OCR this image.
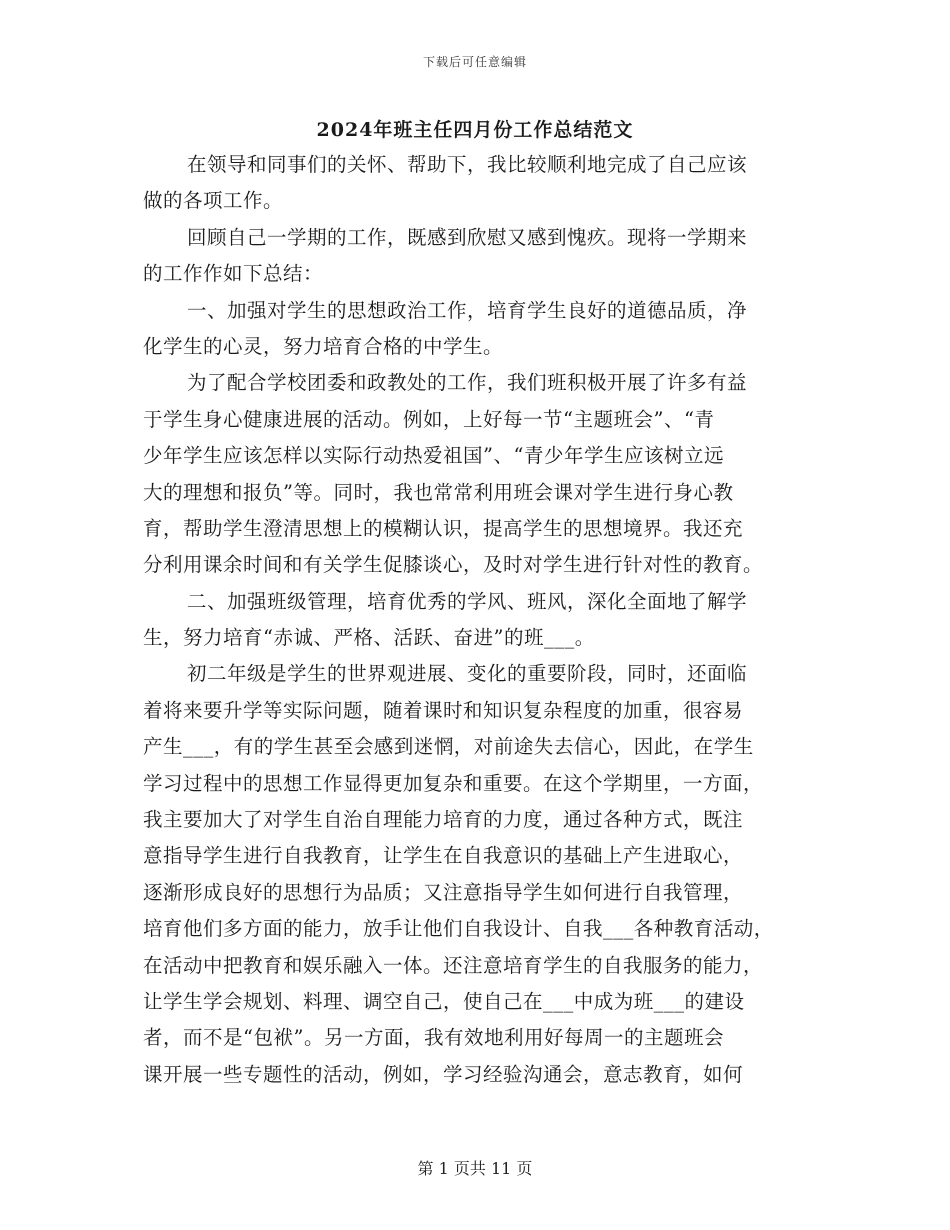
下载后可任意编辑
2024年班主任四月份工作总结范文
在领导和同事们的关怀、帮助下，我比较顺利地完成了自己应该
做的各项工作。
回顾自己一学期的工作，既感到欣慰又感到愧疚。现将一学期来
的工作作如下总结：
一、加强对学生的思想政治工作，培育学生良好的道德品质，净
化学生的心灵，努力培育合格的中学生。
为了配合学校团委和政教处的工作，我们班积极开展了许多有益
于学生身心健康进展的活动。例如，上好每一节“主题班会”、“青
少年学生应该怎样以实际行动热爱祖国”、“青少年学生应该树立远
大的理想和报负”等。同时，我也常常利用班会课对学生进行身心教
育，帮助学生澄清思想上的模糊认识，提高学生的思想境界。我还充
分利用课余时间和有关学生促膝谈心，及时对学生进行针对性的教育。
二、加强班级管理，培育优秀的学风、班风，深化全面地了解学
生，努力培育“赤诚、严格、活跃、奋进”的班___。
初二年级是学生的世界观进展、变化的重要阶段，同时，还面临
着将来要升学等实际问题，随着课时和知识复杂程度的加重，很容易
产生___，有的学生甚至会感到迷惘，对前途失去信心，因此，在学生
学习过程中的思想工作显得更加复杂和重要。在这个学期里，一方面，
我主要加大了对学生自治自理能力培育的力度，通过各种方式，既注
意指导学生进行自我教育，让学生在自我意识的基础上产生进取心，
逐渐形成良好的思想行为品质；又注意指导学生如何进行自我管理，
培育他们多方面的能力，放手让他们自我设计、自我___各种教育活动，
在活动中把教育和娱乐融入一体。还注意培育学生的自我服务的能力，
让学生学会规划、料理、调空自己，使自己在___中成为班___的建设
者，而不是“包袱”。另一方面，我有效地利用好每周一的主题班会
课开展一些专题性的活动，例如，学习经验沟通会，意志教育，如何
第 1 页共 11 页
